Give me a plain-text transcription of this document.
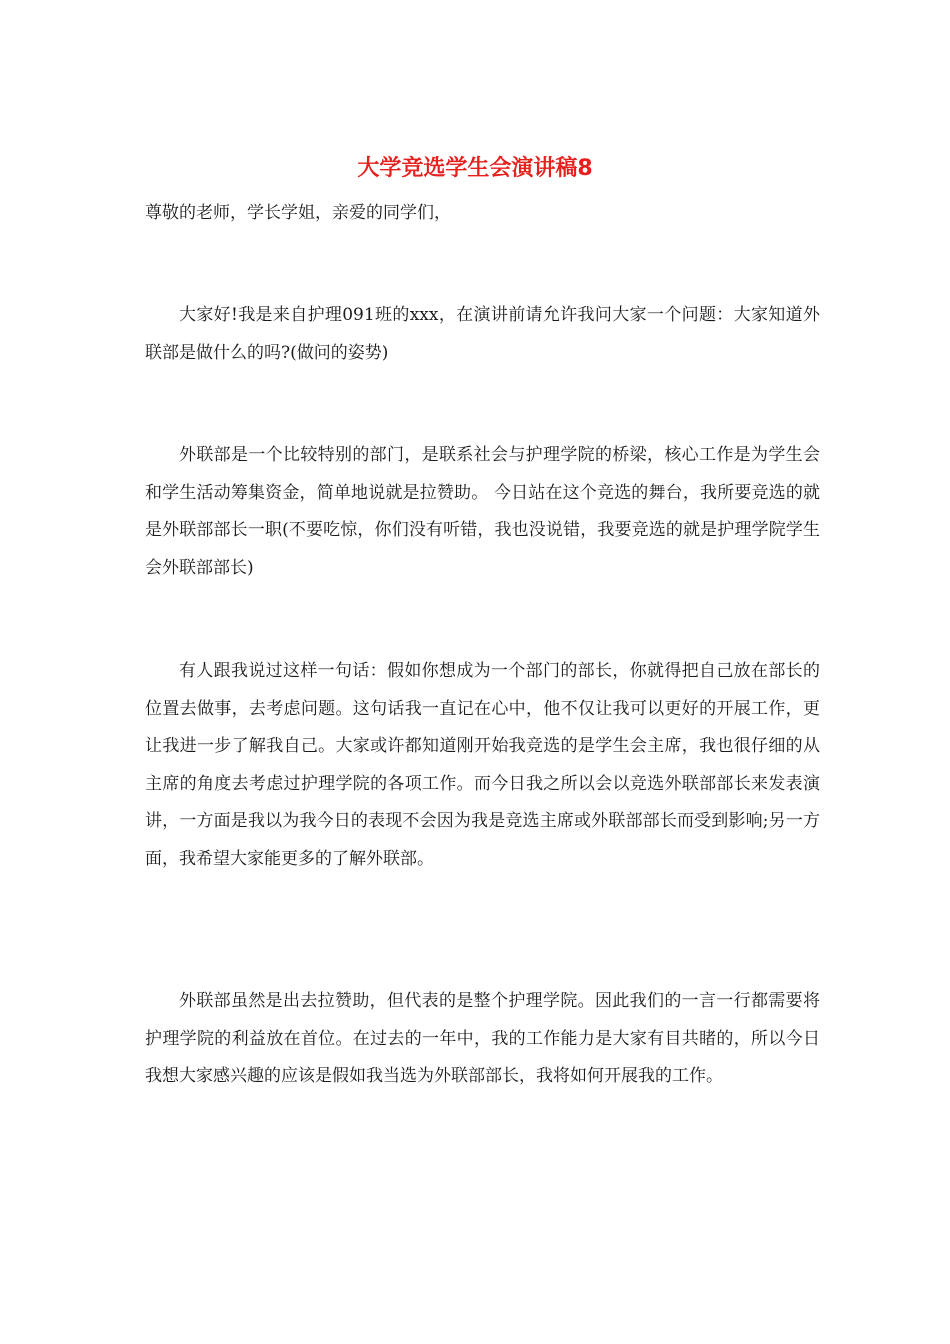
大学竞选学生会演讲稿8
尊敬的老师，学长学姐，亲爱的同学们，
大家好!我是来自护理091班的xxx，在演讲前请允许我问大家一个问题：大家知道外联部是做什么的吗?(做问的姿势)
外联部是一个比较特别的部门，是联系社会与护理学院的桥梁，核心工作是为学生会和学生活动筹集资金，简单地说就是拉赞助。 今日站在这个竞选的舞台，我所要竞选的就是外联部部长一职(不要吃惊，你们没有听错，我也没说错，我要竞选的就是护理学院学生会外联部部长)
有人跟我说过这样一句话：假如你想成为一个部门的部长，你就得把自己放在部长的位置去做事，去考虑问题。这句话我一直记在心中，他不仅让我可以更好的开展工作，更让我进一步了解我自己。大家或许都知道刚开始我竞选的是学生会主席，我也很仔细的从主席的角度去考虑过护理学院的各项工作。而今日我之所以会以竞选外联部部长来发表演讲，一方面是我以为我今日的表现不会因为我是竞选主席或外联部部长而受到影响;另一方面，我希望大家能更多的了解外联部。
外联部虽然是出去拉赞助，但代表的是整个护理学院。因此我们的一言一行都需要将护理学院的利益放在首位。在过去的一年中，我的工作能力是大家有目共睹的，所以今日我想大家感兴趣的应该是假如我当选为外联部部长，我将如何开展我的工作。
